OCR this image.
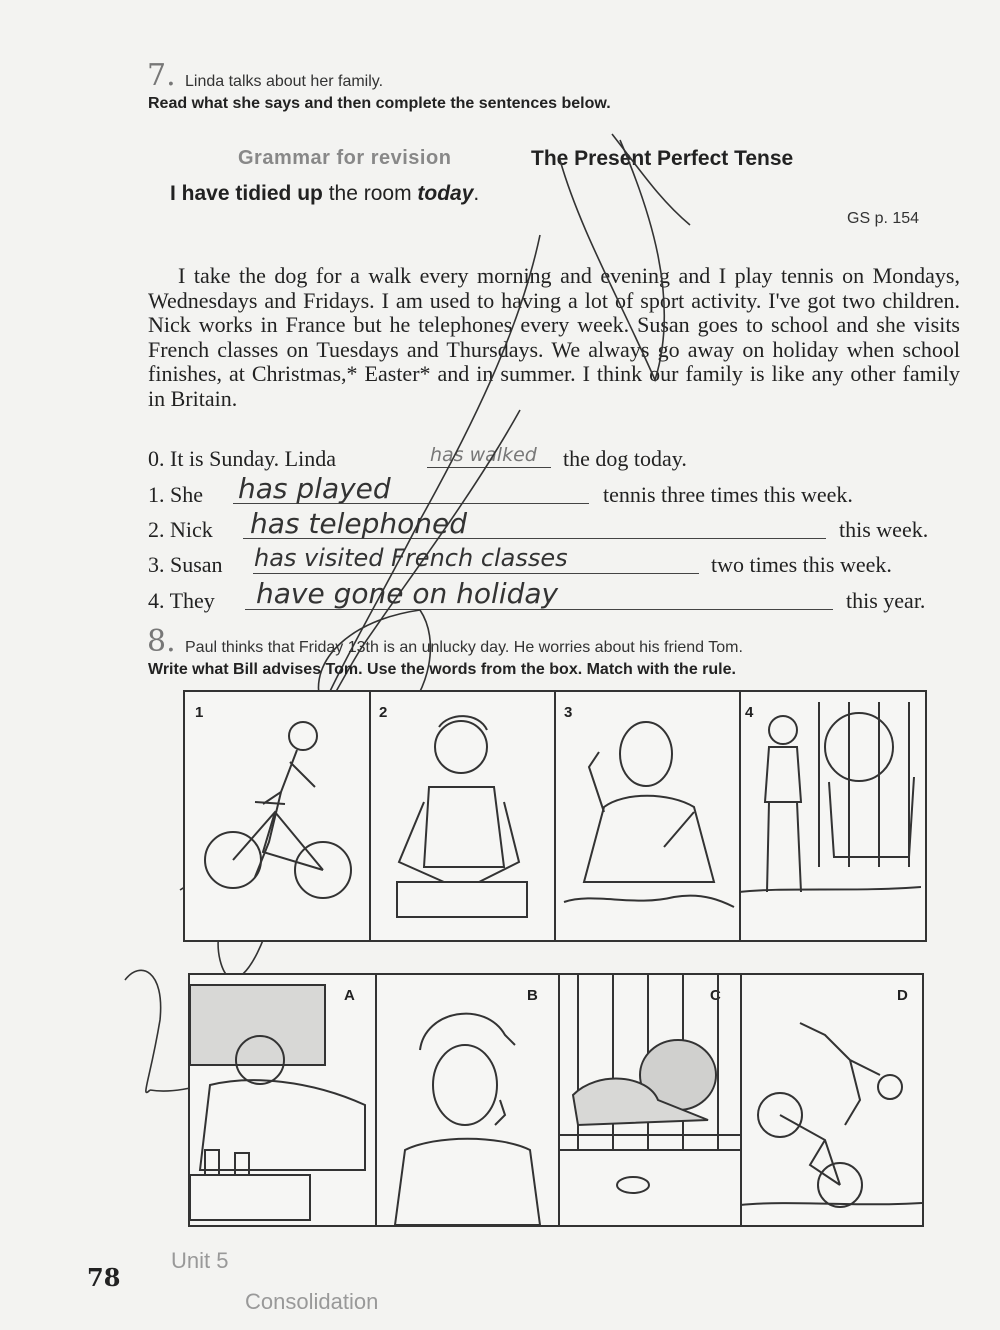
7. Linda talks about her family.
Read what she says and then complete the sentences below.
Grammar for revision	The Present Perfect Tense
I have tidied up the room today.
GS p. 154

I take the dog for a walk every morning and evening and I play tennis on Mondays, Wednesdays and Fridays. I am used to having a lot of sport activity. I've got two children. Nick works in France but he telephones every week. Susan goes to school and she visits French classes on Tuesdays and Thursdays. We always go away on holiday when school finishes, at Christmas,* Easter* and in summer. I think our family is like any other family in Britain.

0. It is Sunday. Linda	has walked the dog today.
1. She has played	tennis three times this week.
2. Nick has telephoned	this week.
3. Susan has visited French classes	two times this week.
4. They have gone on holiday	this year.
8. Paul thinks that Friday 13th is an unlucky day. He worries about his friend Tom.
Write what Bill advises Tom. Use the words from the box. Match with the rule.
1	2	3	4
A	B	C	D
78
Unit 5
Consolidation
